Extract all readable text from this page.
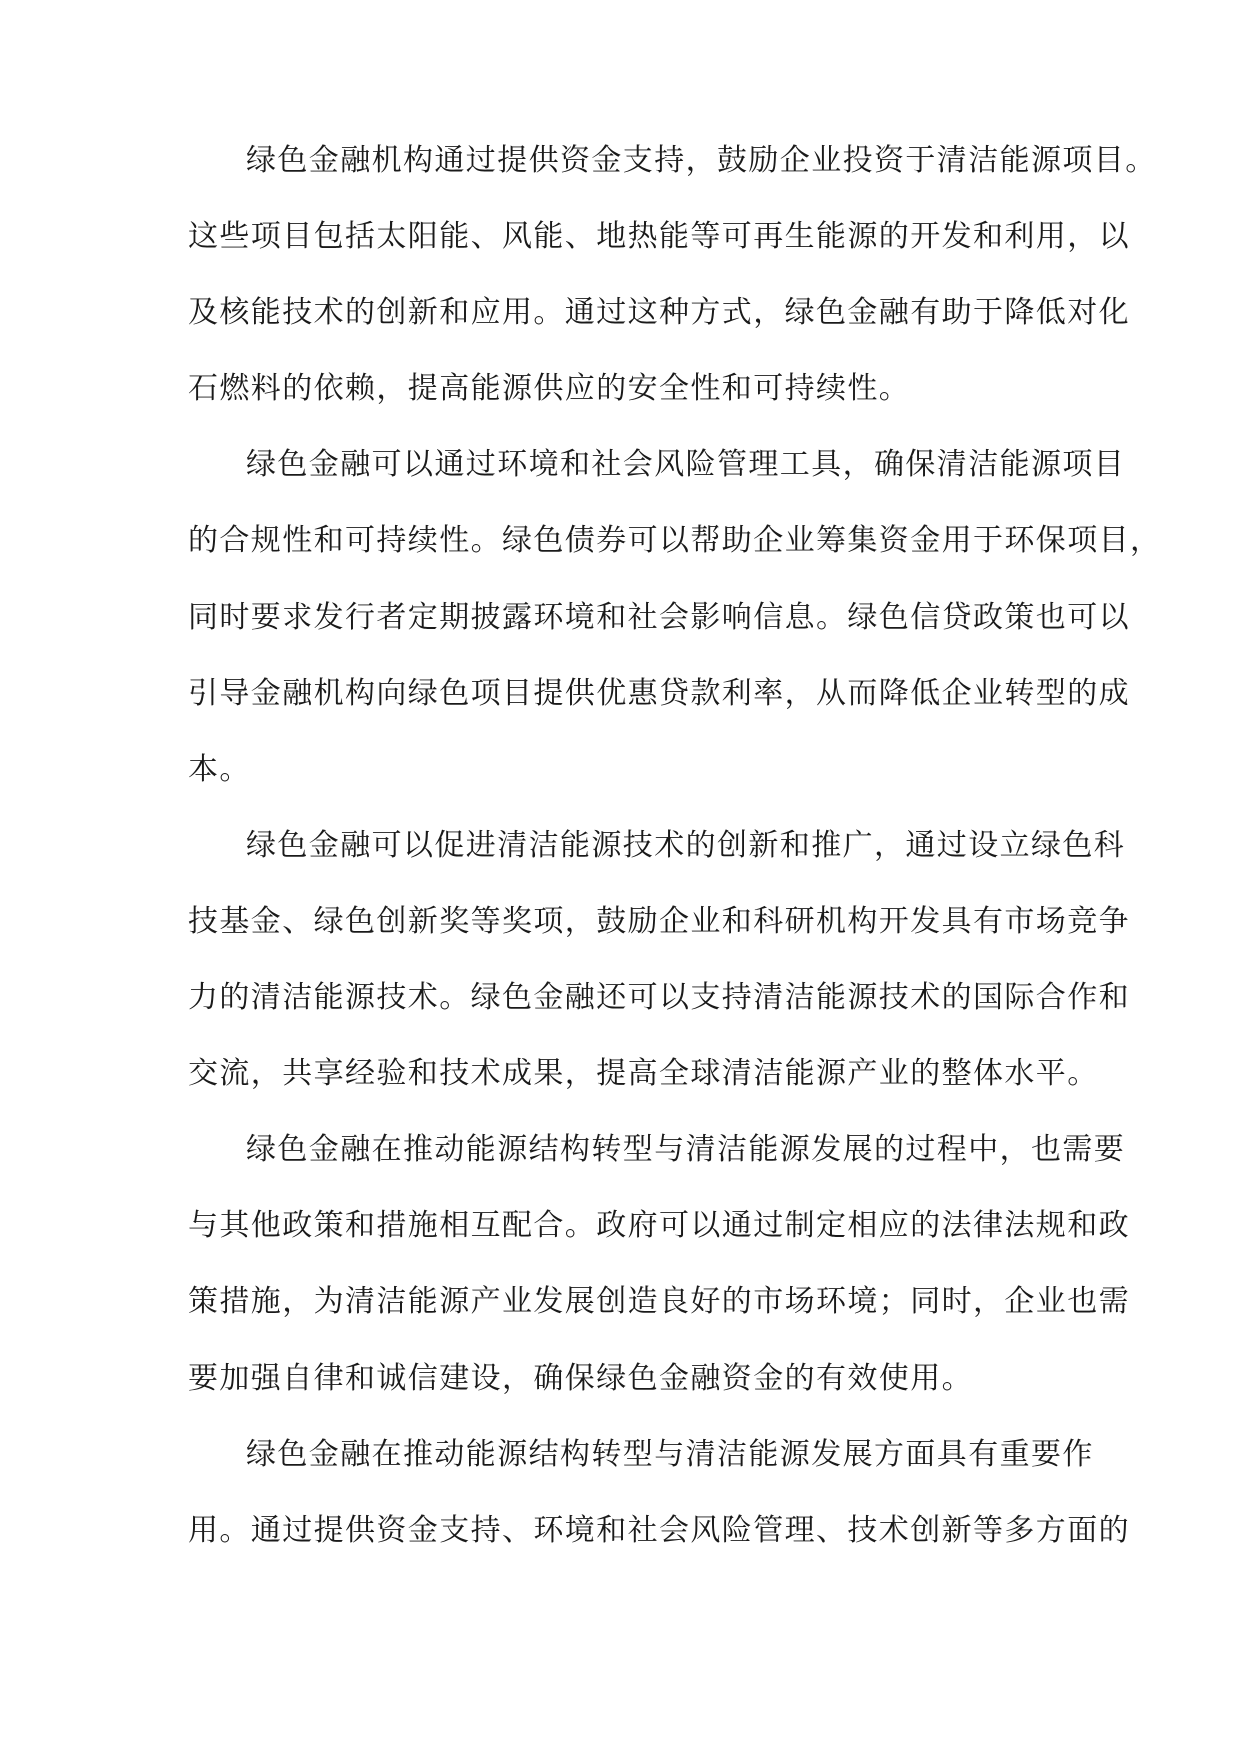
绿色金融机构通过提供资金支持，鼓励企业投资于清洁能源项目。
这些项目包括太阳能、风能、地热能等可再生能源的开发和利用，以
及核能技术的创新和应用。通过这种方式，绿色金融有助于降低对化
石燃料的依赖，提高能源供应的安全性和可持续性。
绿色金融可以通过环境和社会风险管理工具，确保清洁能源项目
的合规性和可持续性。绿色债券可以帮助企业筹集资金用于环保项目，
同时要求发行者定期披露环境和社会影响信息。绿色信贷政策也可以
引导金融机构向绿色项目提供优惠贷款利率，从而降低企业转型的成
本。
绿色金融可以促进清洁能源技术的创新和推广，通过设立绿色科
技基金、绿色创新奖等奖项，鼓励企业和科研机构开发具有市场竞争
力的清洁能源技术。绿色金融还可以支持清洁能源技术的国际合作和
交流，共享经验和技术成果，提高全球清洁能源产业的整体水平。
绿色金融在推动能源结构转型与清洁能源发展的过程中，也需要
与其他政策和措施相互配合。政府可以通过制定相应的法律法规和政
策措施，为清洁能源产业发展创造良好的市场环境；同时，企业也需
要加强自律和诚信建设，确保绿色金融资金的有效使用。
绿色金融在推动能源结构转型与清洁能源发展方面具有重要作
用。通过提供资金支持、环境和社会风险管理、技术创新等多方面的
